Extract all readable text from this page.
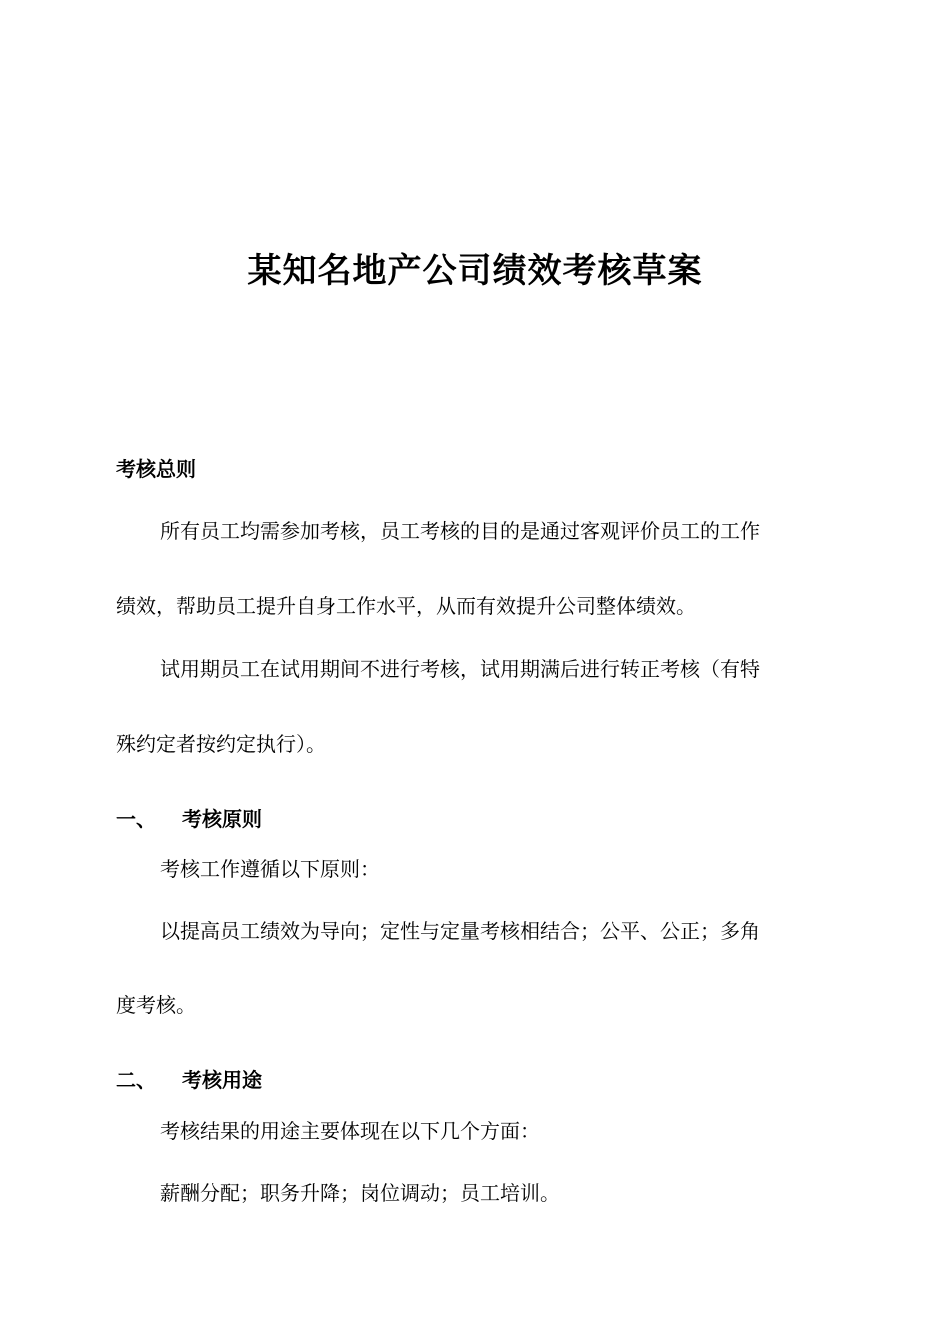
某知名地产公司绩效考核草案
考核总则
所有员工均需参加考核，员工考核的目的是通过客观评价员工的工作
绩效，帮助员工提升自身工作水平，从而有效提升公司整体绩效。
试用期员工在试用期间不进行考核，试用期满后进行转正考核（有特
殊约定者按约定执行）。
一、 考核原则
考核工作遵循以下原则：
以提高员工绩效为导向；定性与定量考核相结合；公平、公正；多角
度考核。
二、 考核用途
考核结果的用途主要体现在以下几个方面：
薪酬分配；职务升降；岗位调动；员工培训。
